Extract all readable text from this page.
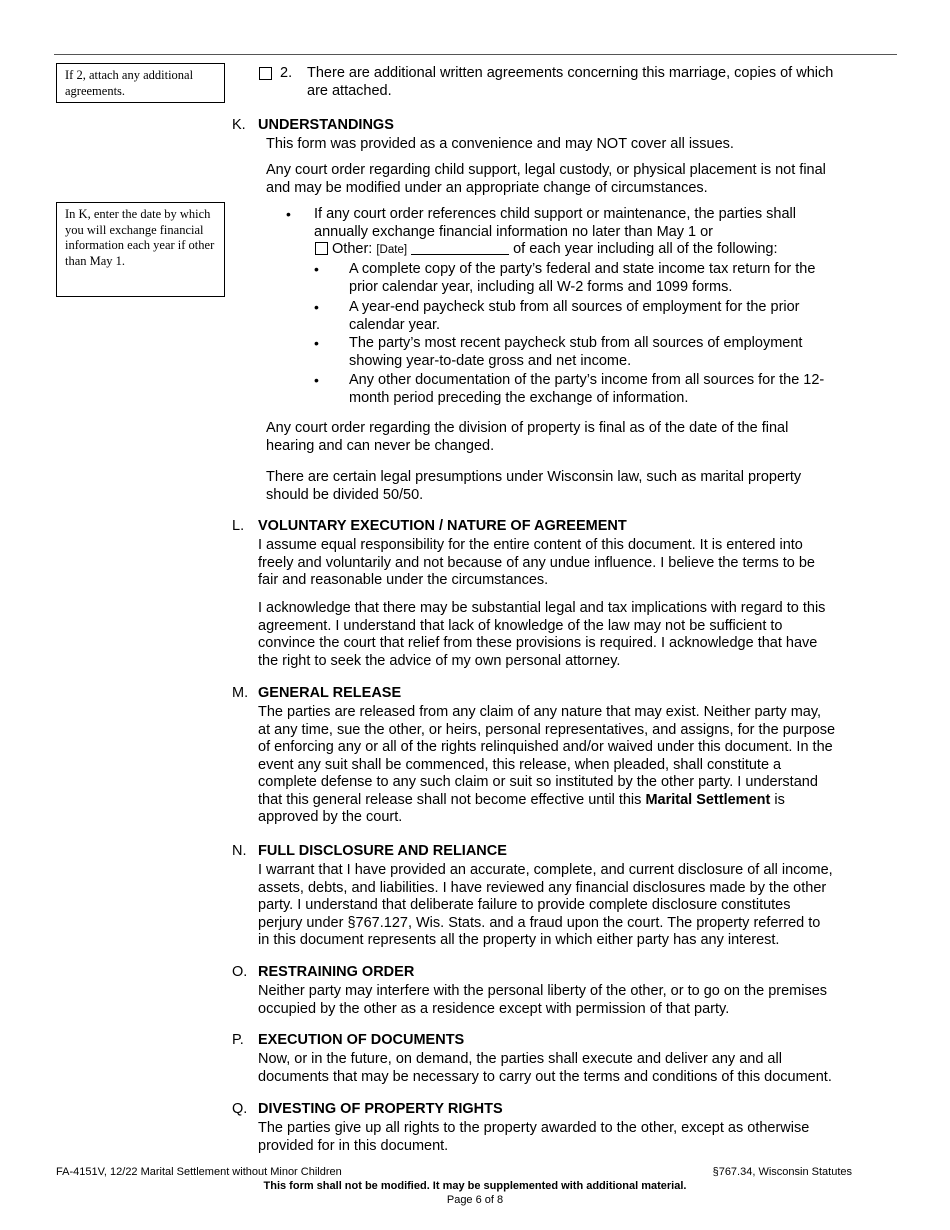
If 2, attach any additional agreements.
In K, enter the date by which you will exchange financial information each year if other than May 1.
2. There are additional written agreements concerning this marriage, copies of which

are attached.

K. UNDERSTANDINGS

This form was provided as a convenience and may NOT cover all issues.

Any court order regarding child support, legal custody, or physical placement is not final

and may be modified under an appropriate change of circumstances.

• If any court order references child support or maintenance, the parties shall

annually exchange financial information no later than May 1 or

Other: [Date]	of each year including all of the following:
• A complete copy of the party’s federal and state income tax return for the

prior calendar year, including all W-2 forms and 1099 forms.

• A year-end paycheck stub from all sources of employment for the prior

calendar year.

• The party’s most recent paycheck stub from all sources of employment

showing year-to-date gross and net income.

• Any other documentation of the party’s income from all sources for the 12-

month period preceding the exchange of information.

Any court order regarding the division of property is final as of the date of the final

hearing and can never be changed.

There are certain legal presumptions under Wisconsin law, such as marital property

should be divided 50/50.

L. VOLUNTARY EXECUTION / NATURE OF AGREEMENT

I assume equal responsibility for the entire content of this document. It is entered into

freely and voluntarily and not because of any undue influence. I believe the terms to be

fair and reasonable under the circumstances.

I acknowledge that there may be substantial legal and tax implications with regard to this

agreement. I understand that lack of knowledge of the law may not be sufficient to

convince the court that relief from these provisions is required. I acknowledge that have

the right to seek the advice of my own personal attorney.

M. GENERAL RELEASE

The parties are released from any claim of any nature that may exist. Neither party may,

at any time, sue the other, or heirs, personal representatives, and assigns, for the purpose

of enforcing any or all of the rights relinquished and/or waived under this document. In the

event any suit shall be commenced, this release, when pleaded, shall constitute a

complete defense to any such claim or suit so instituted by the other party. I understand

that this general release shall not become effective until this Marital Settlement is

approved by the court.

N. FULL DISCLOSURE AND RELIANCE

I warrant that I have provided an accurate, complete, and current disclosure of all income,

assets, debts, and liabilities. I have reviewed any financial disclosures made by the other

party. I understand that deliberate failure to provide complete disclosure constitutes

perjury under §767.127, Wis. Stats. and a fraud upon the court. The property referred to

in this document represents all the property in which either party has any interest.

O. RESTRAINING ORDER

Neither party may interfere with the personal liberty of the other, or to go on the premises

occupied by the other as a residence except with permission of that party.

P. EXECUTION OF DOCUMENTS

Now, or in the future, on demand, the parties shall execute and deliver any and all

documents that may be necessary to carry out the terms and conditions of this document.

Q. DIVESTING OF PROPERTY RIGHTS

The parties give up all rights to the property awarded to the other, except as otherwise

provided for in this document.

FA-4151V, 12/22 Marital Settlement without Minor Children	§767.34, Wisconsin Statutes
This form shall not be modified. It may be supplemented with additional material.
Page 6 of 8
